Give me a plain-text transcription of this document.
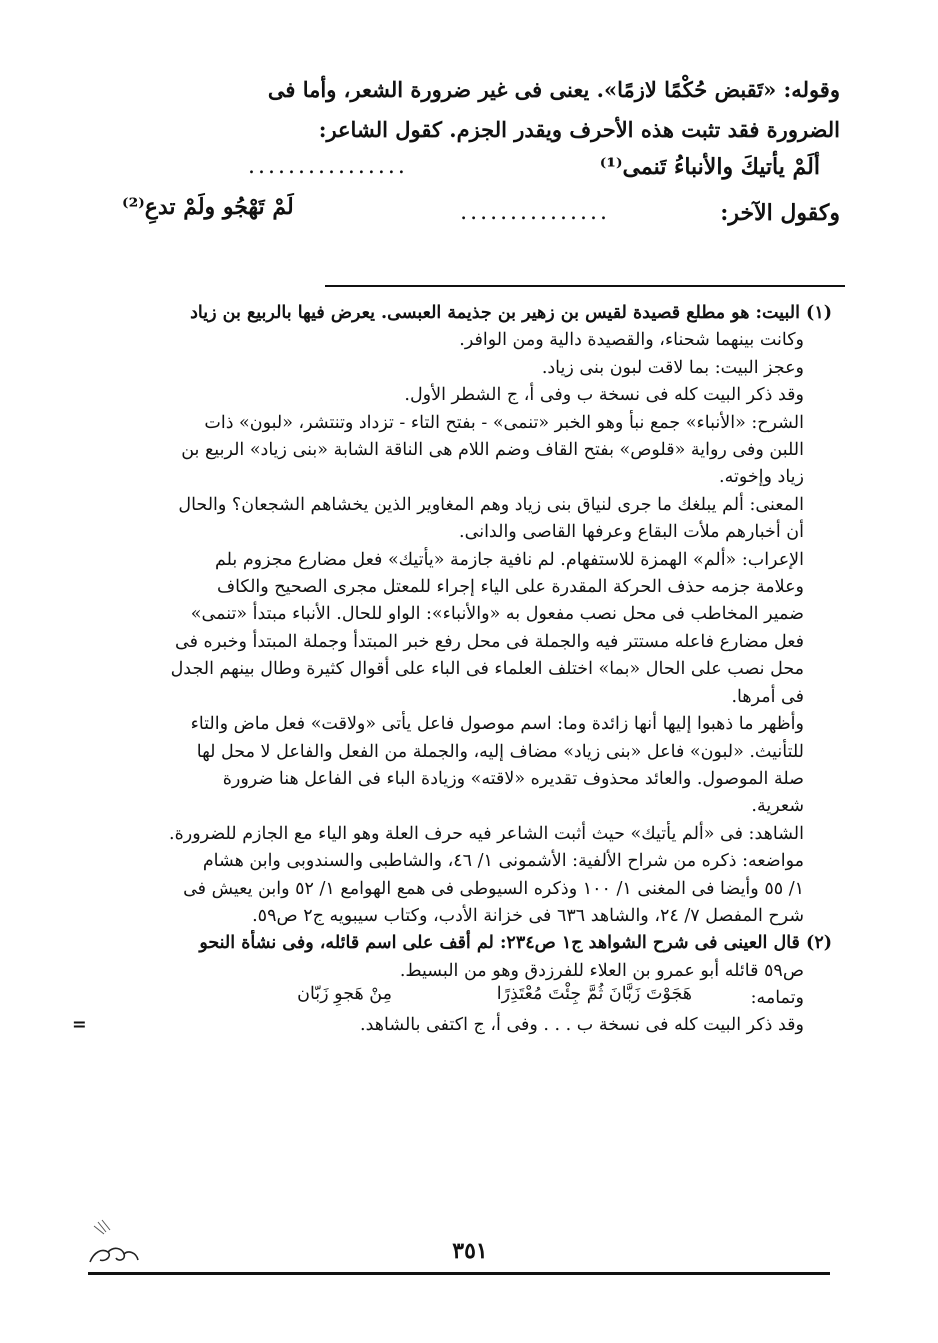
وقوله: «تَقبض حُكْمًا لازمًا». يعنى فى غير ضرورة الشعر، وأما فى
الضرورة فقد تثبت هذه الأحرف ويقدر الجزم. كقول الشاعر:
ألَمْ يأتيكَ والأنباءُ تَنمى⁽¹⁾
................
وكقول الآخر:
...............
لَمْ تَهْجُو ولَمْ تدعِ⁽²⁾

(١) البيت: هو مطلع قصيدة لقيس بن زهير بن جذيمة العبسى. يعرض فيها بالربيع بن زياد

وكانت بينهما شحناء، والقصيدة دالية ومن الوافر.

وعجز البيت: بما لاقت لبون بنى زياد.

وقد ذكر البيت كله فى نسخة ب وفى أ، ج الشطر الأول.

الشرح: «الأنباء» جمع نبأ وهو الخبر «تنمى» - بفتح التاء - تزداد وتنتشر، «لبون» ذات

اللبن وفى رواية «قلوص» بفتح القاف وضم اللام هى الناقة الشابة «بنى زياد» الربيع بن

زياد وإخوته.

المعنى: ألم يبلغك ما جرى لنياق بنى زياد وهم المغاوير الذين يخشاهم الشجعان؟ والحال

أن أخبارهم ملأت البقاع وعرفها القاصى والدانى.

الإعراب: «ألم» الهمزة للاستفهام. لم نافية جازمة «يأتيك» فعل مضارع مجزوم بلم

وعلامة جزمه حذف الحركة المقدرة على الياء إجراء للمعتل مجرى الصحيح والكاف

ضمير المخاطب فى محل نصب مفعول به «والأنباء»: الواو للحال. الأنباء مبتدأ «تنمى»

فعل مضارع فاعله مستتر فيه والجملة فى محل رفع خبر المبتدأ وجملة المبتدأ وخبره فى

محل نصب على الحال «بما» اختلف العلماء فى الباء على أقوال كثيرة وطال بينهم الجدل

فى أمرها.

وأظهر ما ذهبوا إليها أنها زائدة وما: اسم موصول فاعل يأتى «ولاقت» فعل ماض والتاء

للتأنيث. «لبون» فاعل «بنى زياد» مضاف إليه، والجملة من الفعل والفاعل لا محل لها

صلة الموصول. والعائد محذوف تقديره «لاقته» وزيادة الباء فى الفاعل هنا ضرورة

شعرية.

الشاهد: فى «ألم يأتيك» حيث أثبت الشاعر فيه حرف العلة وهو الياء مع الجازم للضرورة.

مواضعه: ذكره من شراح الألفية: الأشمونى ١/ ٤٦، والشاطبى والسندوبى وابن هشام

١/ ٥٥ وأيضا فى المغنى ١/ ١٠٠ وذكره السيوطى فى همع الهوامع ١/ ٥٢ وابن يعيش فى

شرح المفصل ٧/ ٢٤، والشاهد ٦٣٦ فى خزانة الأدب، وكتاب سيبويه ج٢ ص٥٩.

(٢) قال العينى فى شرح الشواهد ج١ ص٢٣٤: لم أقف على اسم قائله، وفى نشأة النحو

ص٥٩ قائله أبو عمرو بن العلاء للفرزدق وهو من البسيط.

وتمامه:
هَجَوْتَ زَبَّانَ ثُمَّ جِئْتَ مُعْتَذِرًا
مِنْ هَجوِ زَبّان
وقد ذكر البيت كله فى نسخة ب . . . وفى أ، ج اكتفى بالشاهد.
=
٣٥١
